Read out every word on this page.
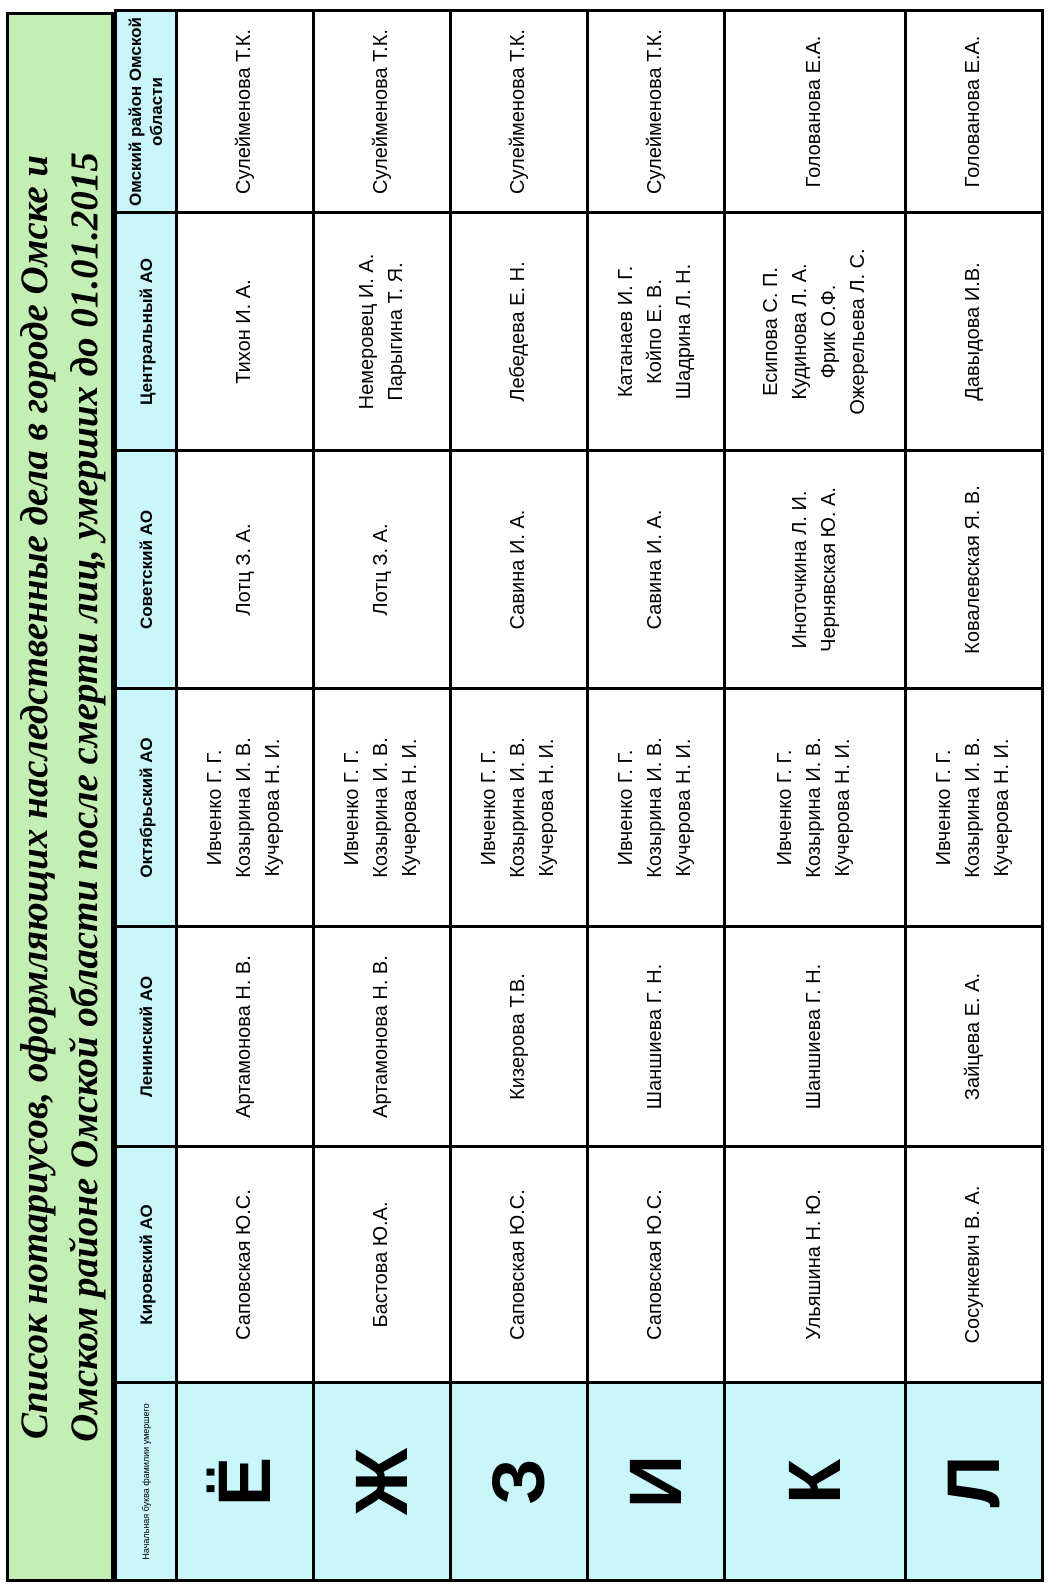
Список нотариусов, оформляющих наследственные дела в городе Омске и Омском районе Омской области после смерти лиц, умерших до 01.01.2015
Начальная буква фамилии умершего	Кировский АО	Ленинский АО	Октябрьский АО	Советский АО	Центральный АО	Омский район Омской области
Ё	Саповская Ю.С.	Артамонова Н. В.	Ивченко Г. Г. Козырина И. В. Кучерова Н. И.	Лотц З. А.	Тихон И. А.	Сулейменова Т.К.

Ж	Бастова Ю.А.	Артамонова Н. В.	Ивченко Г. Г. Козырина И. В. Кучерова Н. И.	Лотц З. А.	Немеровец И. А. Парыгина Т. Я.	Сулейменова Т.К.

З	Саповская Ю.С.	Кизерова Т.В.	Ивченко Г. Г. Козырина И. В. Кучерова Н. И.	Савина И. А.	Лебедева Е. Н.	Сулейменова Т.К.

И	Саповская Ю.С.	Шаншиева Г. Н.	Ивченко Г. Г. Козырина И. В. Кучерова Н. И.	Савина И. А.	Катанаев И. Г. Койпо Е. В. Шадрина Л. Н.	Сулейменова Т.К.

К	Ульяшина Н. Ю.	Шаншиева Г. Н.	Ивченко Г. Г. Козырина И. В. Кучерова Н. И.	Иноточкина Л. И. Чернявская Ю. А.	Есипова С. П. Кудинова Л. А. Фрик О.Ф. Ожерельева Л. С.	Голованова Е.А.

Л	Сосункевич В. А.	Зайцева Е. А.	Ивченко Г. Г. Козырина И. В. Кучерова Н. И.	Ковалевская Я. В.	Давыдова И.В.	Голованова Е.А.
